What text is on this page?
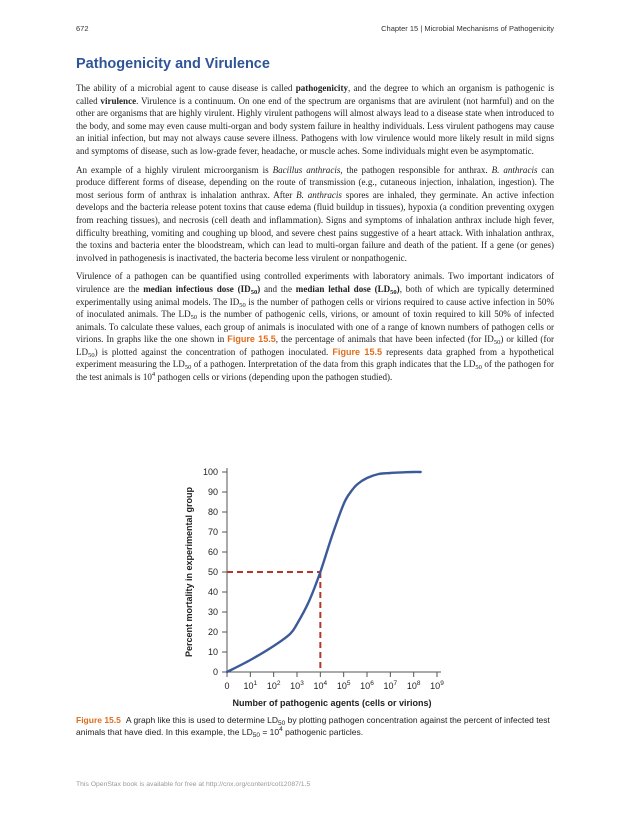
672	Chapter 15 | Microbial Mechanisms of Pathogenicity
Pathogenicity and Virulence

The ability of a microbial agent to cause disease is called pathogenicity, and the degree to which an organism is pathogenic is called virulence. Virulence is a continuum. On one end of the spectrum are organisms that are avirulent (not harmful) and on the other are organisms that are highly virulent. Highly virulent pathogens will almost always lead to a disease state when introduced to the body, and some may even cause multi-organ and body system failure in healthy individuals. Less virulent pathogens may cause an initial infection, but may not always cause severe illness. Pathogens with low virulence would more likely result in mild signs and symptoms of disease, such as low-grade fever, headache, or muscle aches. Some individuals might even be asymptomatic.

An example of a highly virulent microorganism is Bacillus anthracis, the pathogen responsible for anthrax. B. anthracis can produce different forms of disease, depending on the route of transmission (e.g., cutaneous injection, inhalation, ingestion). The most serious form of anthrax is inhalation anthrax. After B. anthracis spores are inhaled, they germinate. An active infection develops and the bacteria release potent toxins that cause edema (fluid buildup in tissues), hypoxia (a condition preventing oxygen from reaching tissues), and necrosis (cell death and inflammation). Signs and symptoms of inhalation anthrax include high fever, difficulty breathing, vomiting and coughing up blood, and severe chest pains suggestive of a heart attack. With inhalation anthrax, the toxins and bacteria enter the bloodstream, which can lead to multi-organ failure and death of the patient. If a gene (or genes) involved in pathogenesis is inactivated, the bacteria become less virulent or nonpathogenic.

Virulence of a pathogen can be quantified using controlled experiments with laboratory animals. Two important indicators of virulence are the median infectious dose $(ID_{50})$ and the median lethal dose $(LD_{50})$, both of which are typically determined experimentally using animal models. The $ID_{50}$ is the number of pathogen cells or virions required to cause active infection in 50% of inoculated animals. The $LD_{50}$ is the number of pathogenic cells, virions, or amount of toxin required to kill 50% of infected animals. To calculate these values, each group of animals is inoculated with one of a range of known numbers of pathogen cells or virions. In graphs like the one shown in Figure 15.5, the percentage of animals that have been infected (for $ID_{50}$) or killed (for $LD_{50}$) is plotted against the concentration of pathogen inoculated. Figure 15.5 represents data graphed from a hypothetical experiment measuring the $LD_{50}$ of a pathogen. Interpretation of the data from this graph indicates that the $LD_{50}$ of the pathogen for the test animals is $10^4$ pathogen cells or virions (depending upon the pathogen studied).

0
10
20
30
40
50
60
70
80
90
100
0 $10^1$ $10^2$ $10^3$ $10^4$ $10^5$ $10^6$ $10^7$ $10^8$ $10^9$
Number of pathogenic agents (cells or virions)
Percent mortality in experimental group
Figure 15.5 A graph like this is used to determine $LD_{50}$ by plotting pathogen concentration against the percent of infected test animals that have died. In this example, the $LD_{50} = 10^4$ pathogenic particles.
This OpenStax book is available for free at http://cnx.org/content/col12087/1.5
